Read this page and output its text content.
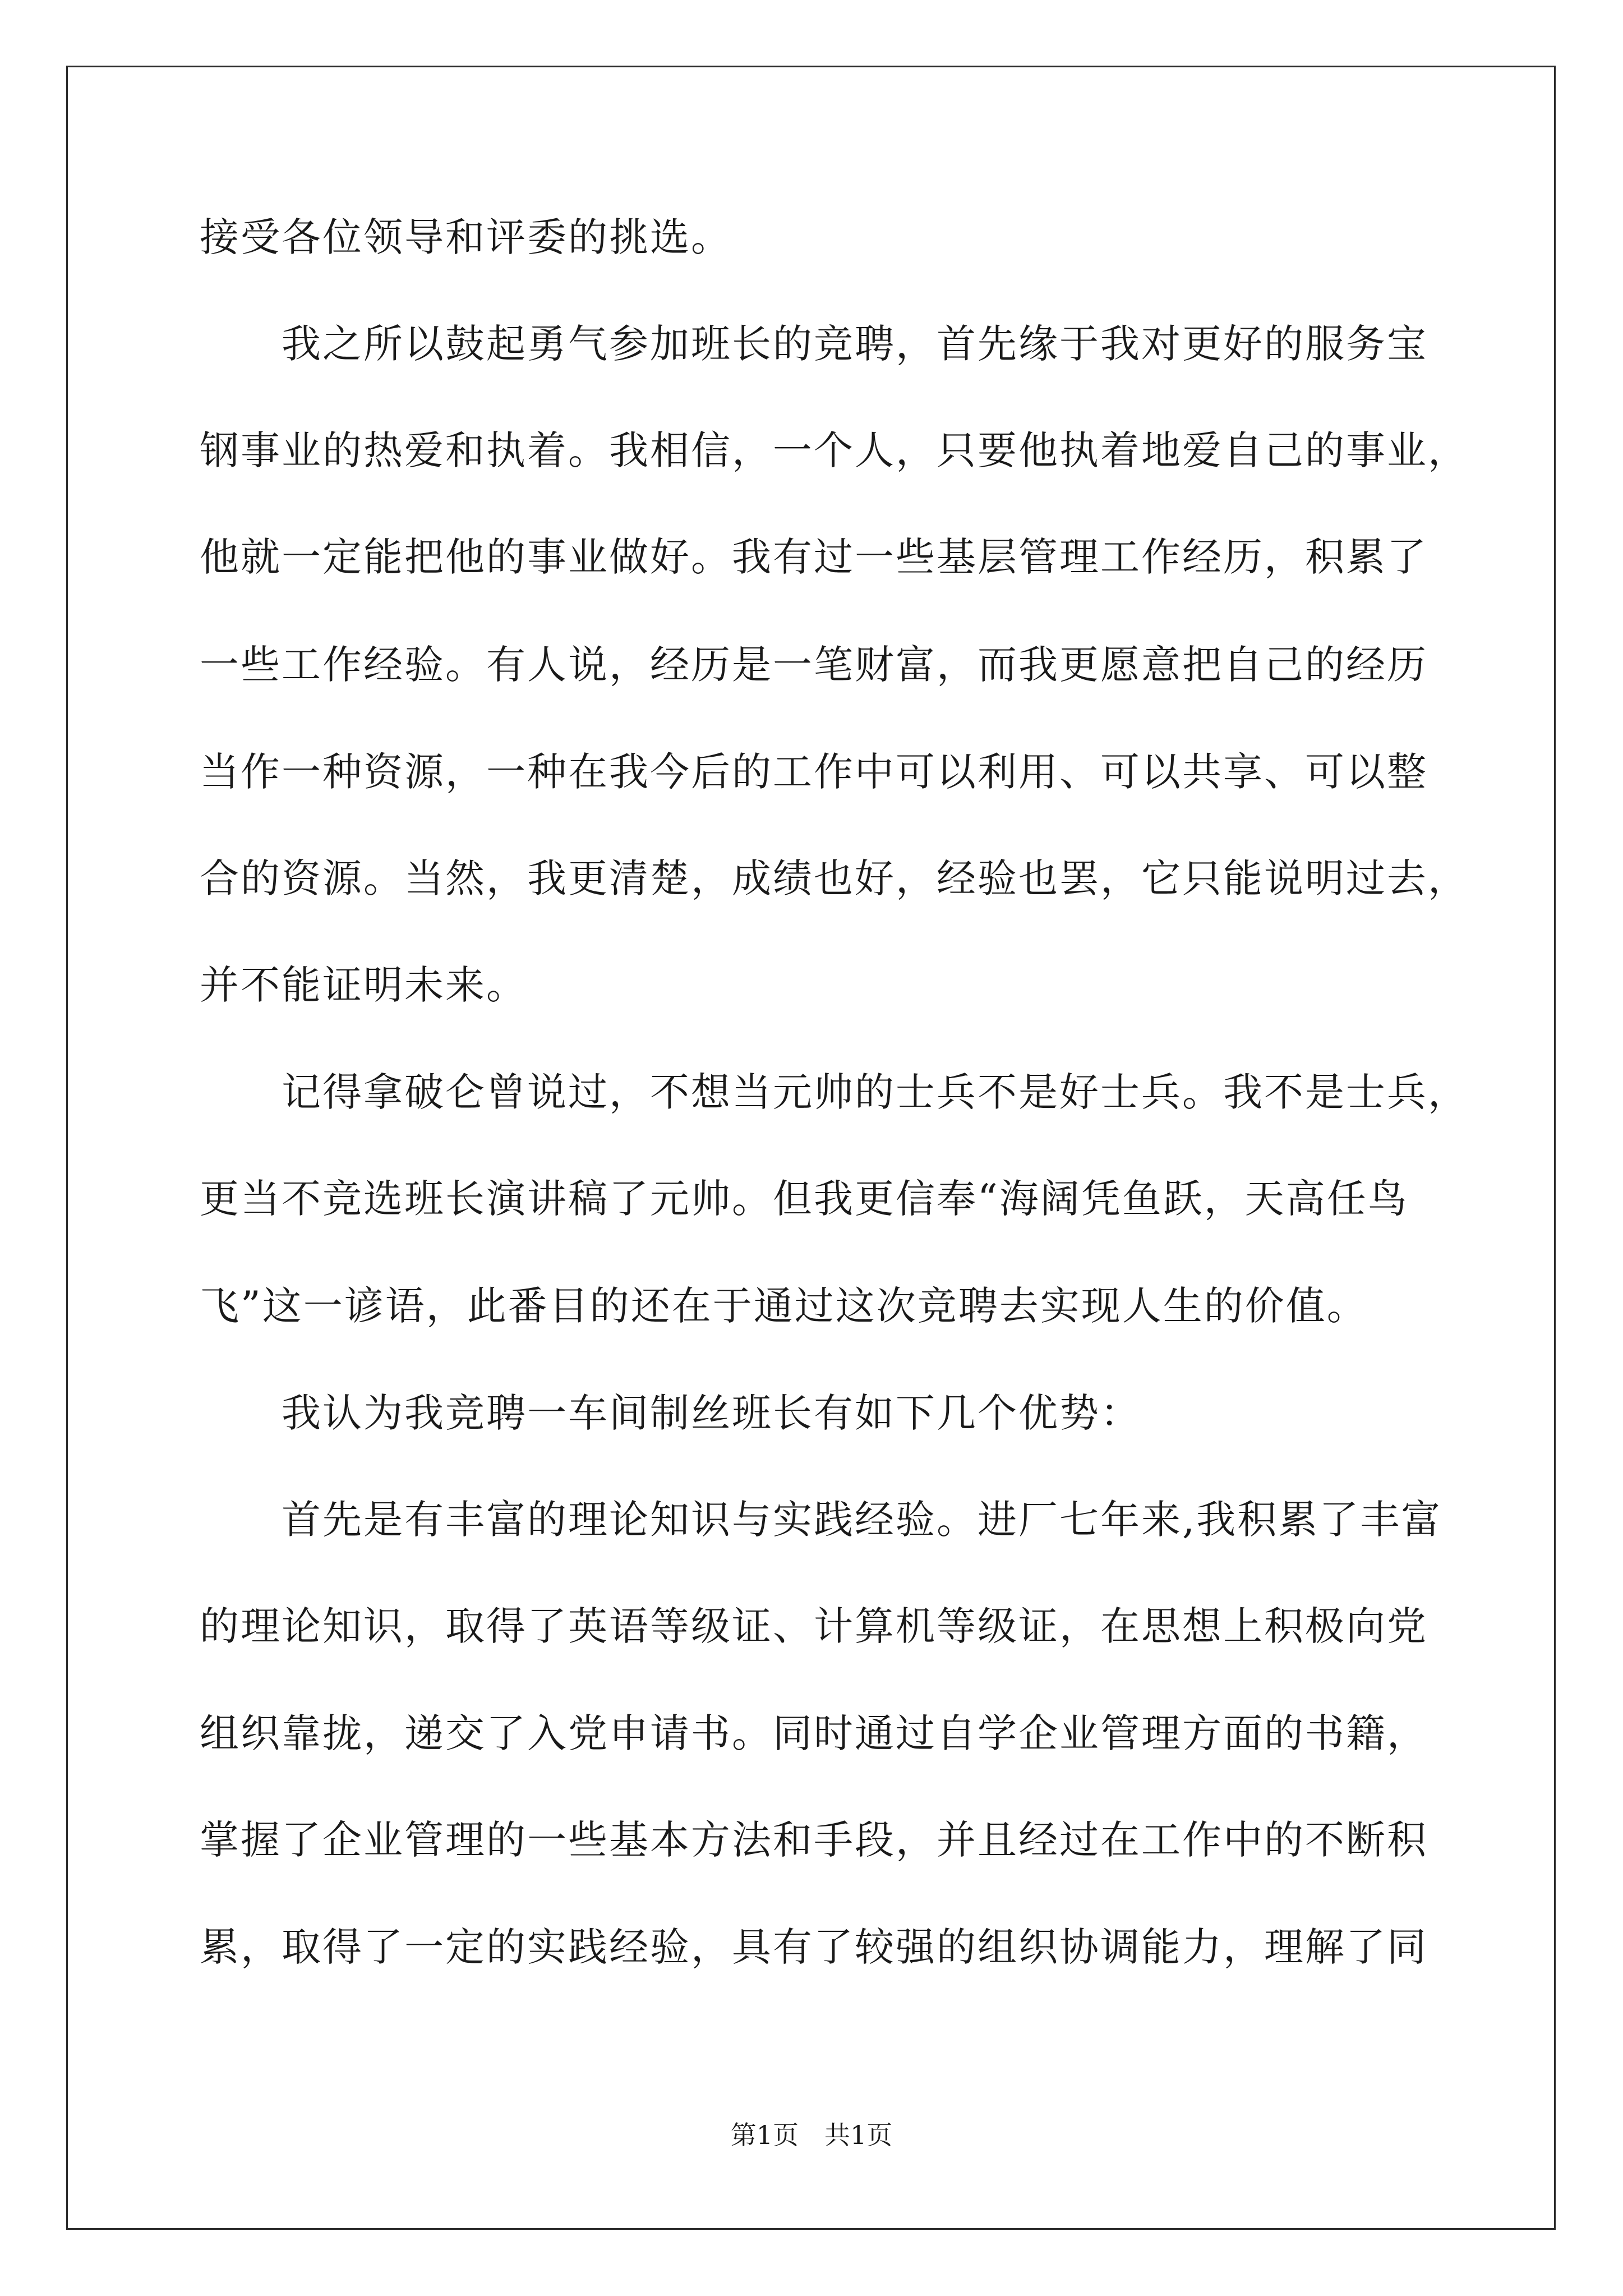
接受各位领导和评委的挑选。
我之所以鼓起勇气参加班长的竞聘，首先缘于我对更好的服务宝
钢事业的热爱和执着。我相信，一个人，只要他执着地爱自己的事业，
他就一定能把他的事业做好。我有过一些基层管理工作经历，积累了
一些工作经验。有人说，经历是一笔财富，而我更愿意把自己的经历
当作一种资源，一种在我今后的工作中可以利用、可以共享、可以整
合的资源。当然，我更清楚，成绩也好，经验也罢，它只能说明过去，
并不能证明未来。
记得拿破仑曾说过，不想当元帅的士兵不是好士兵。我不是士兵，
更当不竞选班长演讲稿了元帅。但我更信奉“海阔凭鱼跃，天高任鸟
飞”这一谚语，此番目的还在于通过这次竞聘去实现人生的价值。
我认为我竞聘一车间制丝班长有如下几个优势：
首先是有丰富的理论知识与实践经验。进厂七年来,我积累了丰富
的理论知识，取得了英语等级证、计算机等级证，在思想上积极向党
组织靠拢，递交了入党申请书。同时通过自学企业管理方面的书籍，
掌握了企业管理的一些基本方法和手段，并且经过在工作中的不断积
累，取得了一定的实践经验，具有了较强的组织协调能力，理解了同
第1页　共1页
